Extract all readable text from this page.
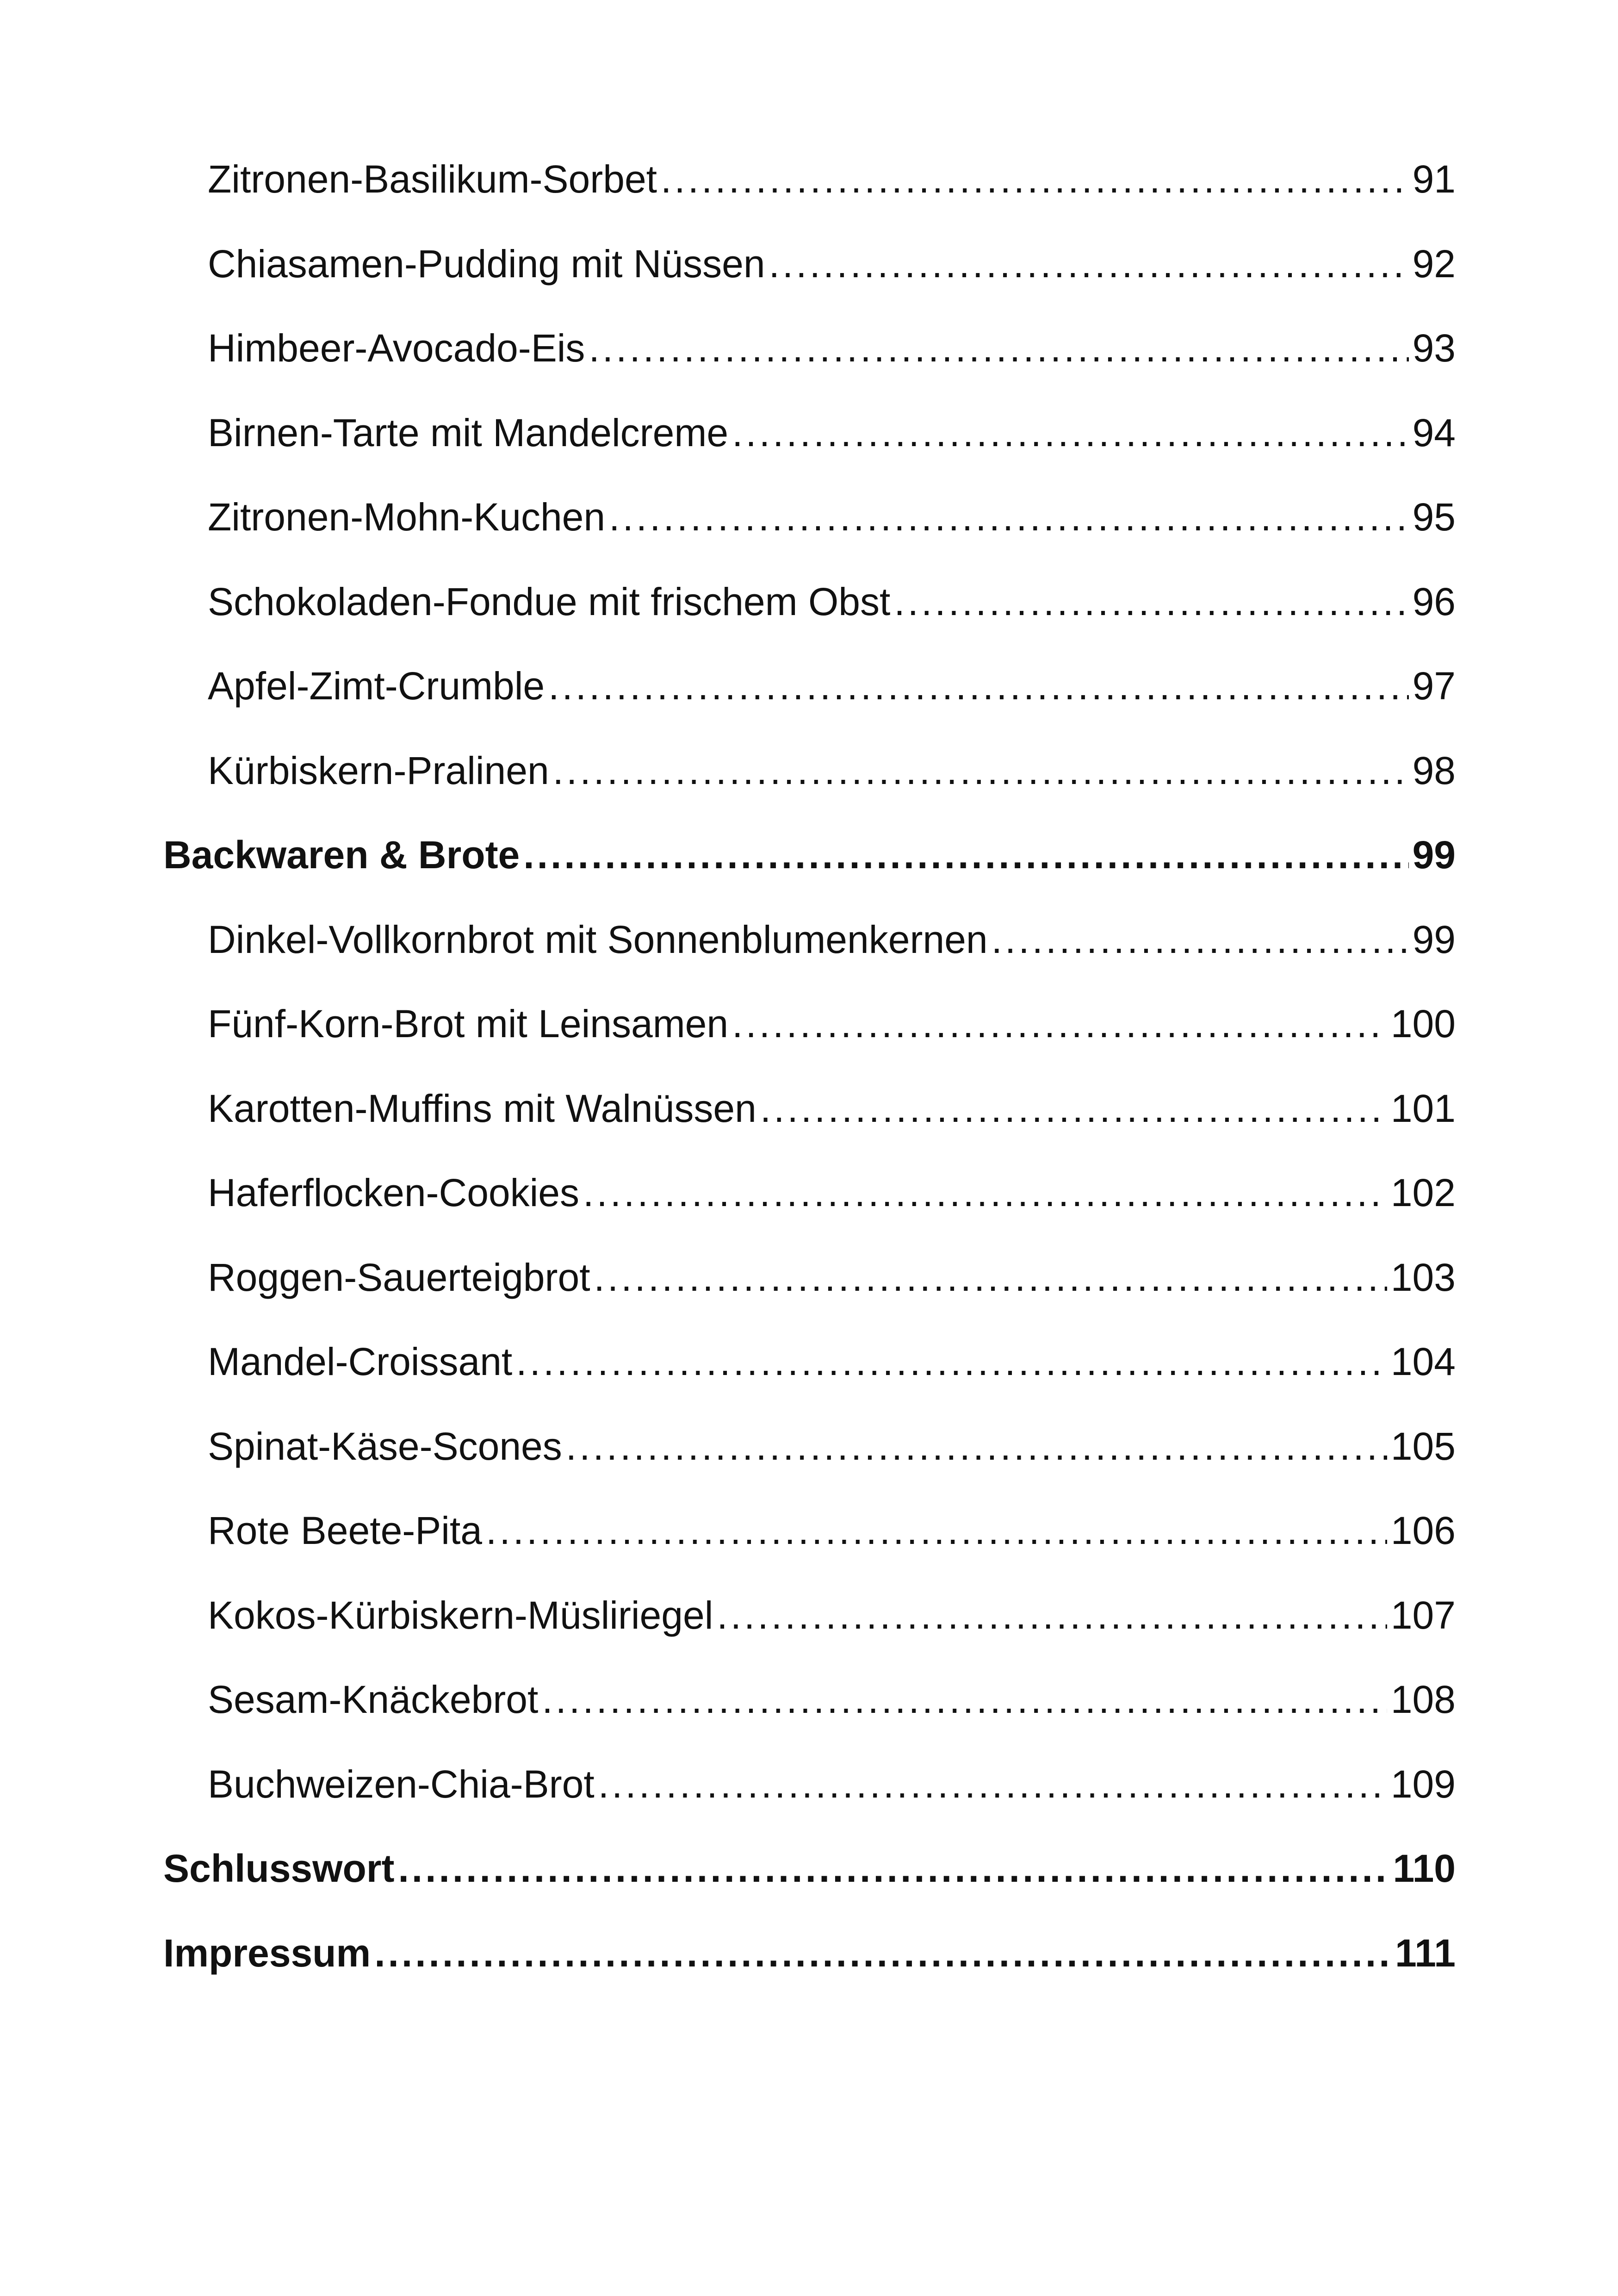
Zitronen-Basilikum-Sorbet .....	91
Chiasamen-Pudding mit Nüssen .....	92
Himbeer-Avocado-Eis .....	93
Birnen-Tarte mit Mandelcreme .....	94
Zitronen-Mohn-Kuchen .....	95
Schokoladen-Fondue mit frischem Obst .....	96
Apfel-Zimt-Crumble .....	97
Kürbiskern-Pralinen .....	98
Backwaren & Brote .....	99
Dinkel-Vollkornbrot mit Sonnenblumenkernen .....	99
Fünf-Korn-Brot mit Leinsamen .....	100
Karotten-Muffins mit Walnüssen .....	101
Haferflocken-Cookies .....	102
Roggen-Sauerteigbrot .....	103
Mandel-Croissant .....	104
Spinat-Käse-Scones .....	105
Rote Beete-Pita .....	106
Kokos-Kürbiskern-Müsliriegel .....	107
Sesam-Knäckebrot .....	108
Buchweizen-Chia-Brot .....	109
Schlusswort .....	110
Impressum .....	111
